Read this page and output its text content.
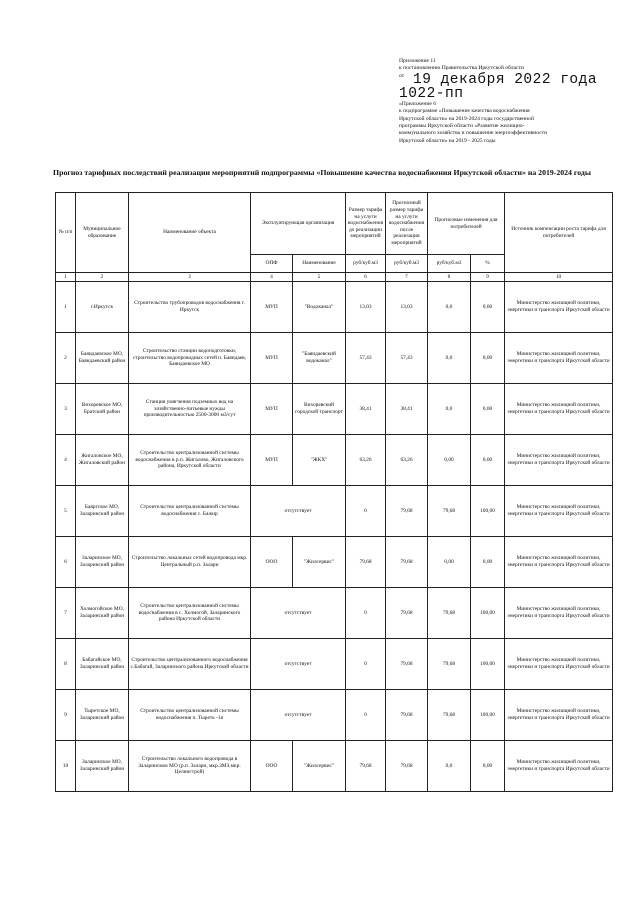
Приложение 11
к постановлению Правительства Иркутской области
от 19 декабря 2022 года
1022-пп
«Приложение 6
к подпрограмме «Повышение качества водоснабжения
Иркутской области» на 2019-2024 годы государственной
программы Иркутской области «Развитие жилищно-
коммунального хозяйства и повышение энергоэффективности
Иркутской области» на 2019 - 2025 годы
Прогноз тарифных последствий реализации мероприятий подпрограммы «Повышение качества водоснабжения Иркутской области» на 2019-2024 годы
№ п/п	Муниципальное образование	Наименование объекта	Эксплуатирующая организация		Размер тарифа на услуги водоснабжения до реализации мероприятий	Прогнозный размер тарифа на услуги водоснабжения после реализации мероприятий	Прогнозные изменения для потребителей		Источник компенсации роста тарифа для потребителей
			ОПФ	Наименование	руб/куб.м3	руб/куб.м3	руб/куб.м3	%	
1	2	3	4	5	6	7	8	9	10
1	г.Иркутск	Строительство трубопроводов водоснабжения г. Иркутск	МУП	"Водоканал"	13,03	13,03	0,0	0,00	Министерство жилищной политики, энергетики и транспорта Иркутской области
2	Баяндаевское МО, Баяндаевский район	Строительство станции водоподготовки, строительство водопроводных сетей п. Баяндаев, Баяндаевское МО	МУП	"Баяндаевский водоканал"	57,43	57,43	0,0	0,00	Министерство жилищной политики, энергетики и транспорта Иркутской области
3	Вихоревское МО, Братский район	Станция умягчения подземных вод на хозяйственно-питьевые нужды производительностью 2500-3000 м3/сут	МУП	Вихоревский городской транспорт	38,41	38,41	0,0	0,00	Министерство жилищной политики, энергетики и транспорта Иркутской области
4	Жигаловское МО, Жигаловский район	Строительство централизованной системы водоснабжения в р.п. Жигалово, Жигаловского района, Иркутской области	МУП	"ЖКХ"	63,26	63,26	0,00	0,00	Министерство жилищной политики, энергетики и транспорта Иркутской области
5	Баяргское МО, Заларинский район	Строительство централизованной системы водоснабжения с. Бажир	отсутствует		0	79,68	79,68	100,00	Министерство жилищной политики, энергетики и транспорта Иркутской области
6	Заларинское МО, Заларинский район	Строительство локальных сетей водопровода мкр. Центральный р.п. Залари	ООО	"Жилсервис"	79,68	79,68	0,00	0,00	Министерство жилищной политики, энергетики и транспорта Иркутской области
7	Холмогойское МО, Заларинский район	Строительство централизованной системы водоснабжения в с. Холмогой, Заларинского района Иркутской области	отсутствует		0	79,68	79,68	100,00	Министерство жилищной политики, энергетики и транспорта Иркутской области
8	Бабагайское МО, Заларинский район	Строительство централизованного водоснабжения с.Бабагай, Заларинского района Иркутской области	отсутствует		0	79,68	79,68	100,00	Министерство жилищной политики, энергетики и транспорта Иркутской области
9	Тыретское МО, Заларинский район	Строительство централизованной системы водоснабжения п. Тыреть -1я	отсутствует		0	79,68	79,68	100,00	Министерство жилищной политики, энергетики и транспорта Иркутской области
10	Заларинское МО, Заларинский район	Строительство локального водопровода в Заларинском МО (р.п. Залари, мкр.ЗМЗ,мкр. Целинстрой)	ООО	"Жилсервис"	79,68	79,68	0,0	0,00	Министерство жилищной политики, энергетики и транспорта Иркутской области
